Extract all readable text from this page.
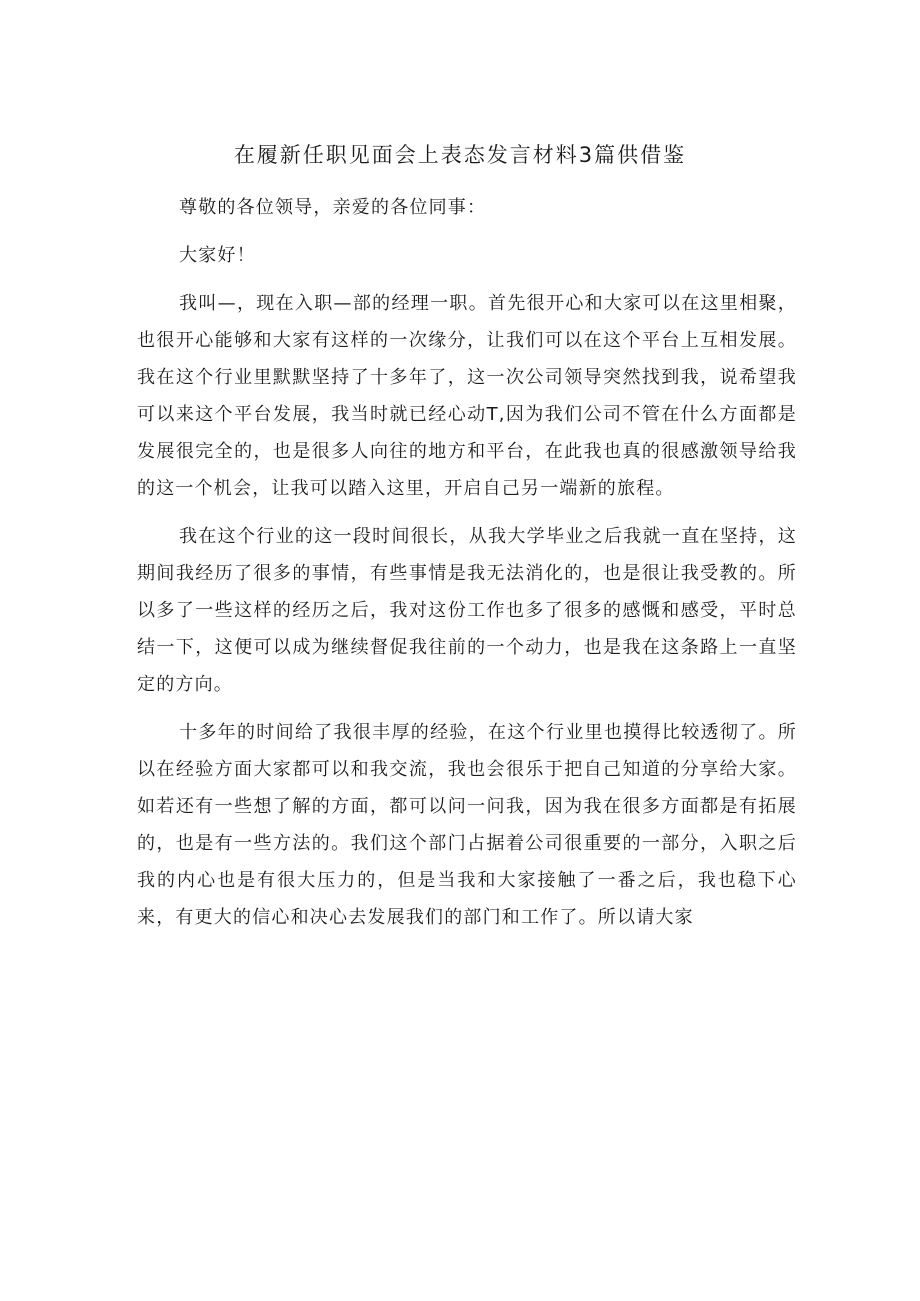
在履新任职见面会上表态发言材料3篇供借鉴

尊敬的各位领导，亲爱的各位同事：

大家好！

我叫—，现在入职—部的经理一职。首先很开心和大家可以在这里相聚，也很开心能够和大家有这样的一次缘分，让我们可以在这个平台上互相发展。我在这个行业里默默坚持了十多年了，这一次公司领导突然找到我，说希望我可以来这个平台发展，我当时就已经心动T,因为我们公司不管在什么方面都是发展很完全的，也是很多人向往的地方和平台，在此我也真的很感激领导给我的这一个机会，让我可以踏入这里，开启自己另一端新的旅程。

我在这个行业的这一段时间很长，从我大学毕业之后我就一直在坚持，这期间我经历了很多的事情，有些事情是我无法消化的，也是很让我受教的。所以多了一些这样的经历之后，我对这份工作也多了很多的感慨和感受，平时总结一下，这便可以成为继续督促我往前的一个动力，也是我在这条路上一直坚定的方向。

十多年的时间给了我很丰厚的经验，在这个行业里也摸得比较透彻了。所以在经验方面大家都可以和我交流，我也会很乐于把自己知道的分享给大家。如若还有一些想了解的方面，都可以问一问我，因为我在很多方面都是有拓展的，也是有一些方法的。我们这个部门占据着公司很重要的一部分，入职之后我的内心也是有很大压力的，但是当我和大家接触了一番之后，我也稳下心来，有更大的信心和决心去发展我们的部门和工作了。所以请大家
